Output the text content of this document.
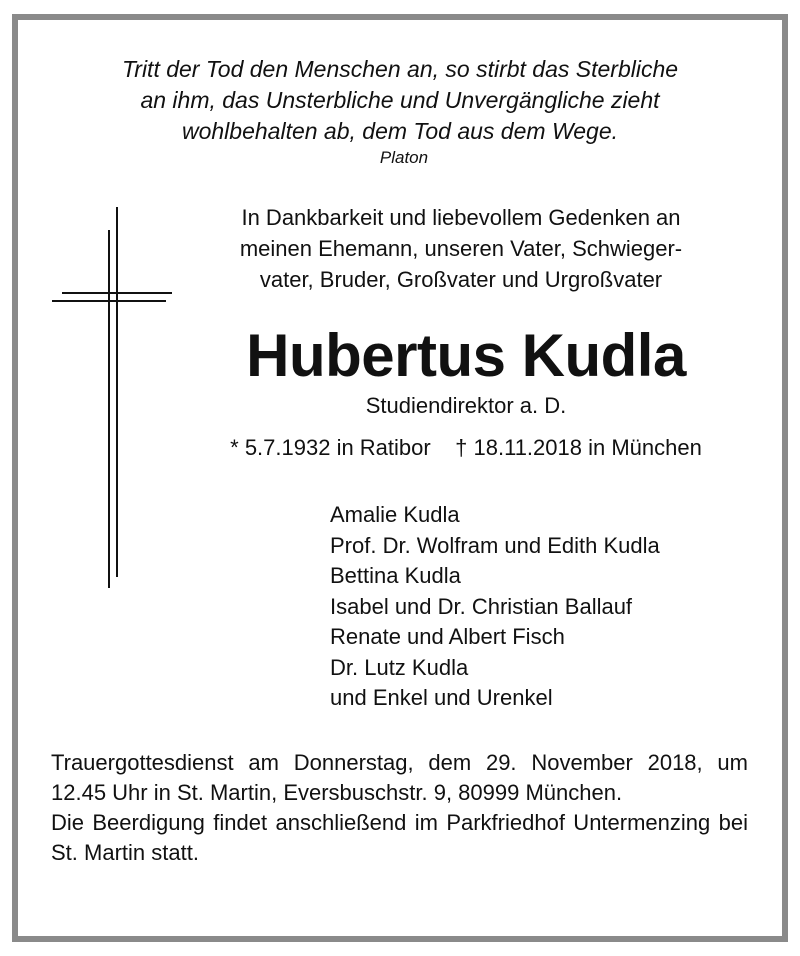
Tritt der Tod den Menschen an, so stirbt das Sterbliche
an ihm, das Unsterbliche und Unvergängliche zieht
wohlbehalten ab, dem Tod aus dem Wege.
Platon
In Dankbarkeit und liebevollem Gedenken an
meinen Ehemann, unseren Vater, Schwieger-
vater, Bruder, Großvater und Urgroßvater
Hubertus Kudla
Studiendirektor a. D.
* 5.7.1932 in Ratibor    † 18.11.2018 in München
Amalie Kudla
Prof. Dr. Wolfram und Edith Kudla
Bettina Kudla
Isabel und Dr. Christian Ballauf
Renate und Albert Fisch
Dr. Lutz Kudla
und Enkel und Urenkel

Trauergottesdienst am Donnerstag, dem 29. November 2018, um 12.45 Uhr in St. Martin, Eversbuschstr. 9, 80999 München.

Die Beerdigung findet anschließend im Parkfriedhof Untermenzing bei St. Martin statt.
